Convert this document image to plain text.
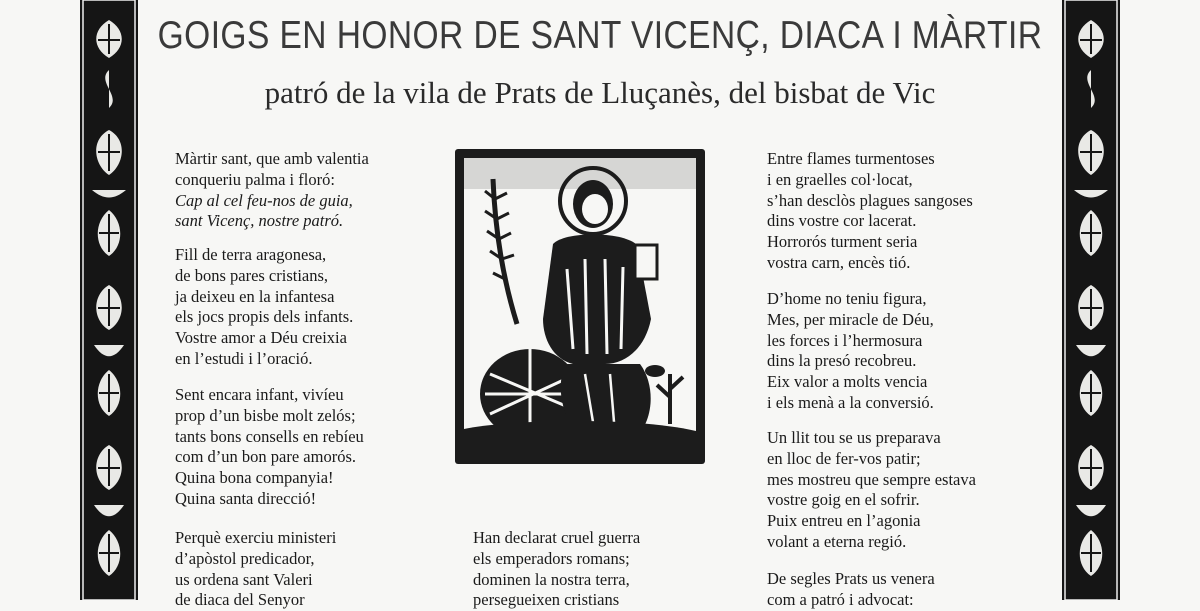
GOIGS EN HONOR DE SANT VICENÇ, DIACA I MÀRTIR
patró de la vila de Prats de Lluçanès, del bisbat de Vic
Màrtir sant, que amb valentia
conqueriu palma i floró:
Cap al cel feu-nos de guia,
sant Vicenç, nostre patró.
Fill de terra aragonesa,
de bons pares cristians,
ja deixeu en la infantesa
els jocs propis dels infants.
Vostre amor a Déu creixia
en l’estudi i l’oració.
Sent encara infant, vivíeu
prop d’un bisbe molt zelós;
tants bons consells en rebíeu
com d’un bon pare amorós.
Quina bona companyia!
Quina santa direcció!
Perquè exerciu ministeri
d’apòstol predicador,
us ordena sant Valeri
de diaca del Senyor
Han declarat cruel guerra
els emperadors romans;
dominen la nostra terra,
persegueixen cristians
Entre flames turmentoses
i en graelles col·locat,
s’han desclòs plagues sangoses
dins vostre cor lacerat.
Horrorós turment seria
vostra carn, encès tió.
D’home no teniu figura,
Mes, per miracle de Déu,
les forces i l’hermosura
dins la presó recobreu.
Eix valor a molts vencia
i els menà a la conversió.
Un llit tou se us preparava
en lloc de fer-vos patir;
mes mostreu que sempre estava
vostre goig en el sofrir.
Puix entreu en l’agonia
volant a eterna regió.
De segles Prats us venera
com a patró i advocat:
